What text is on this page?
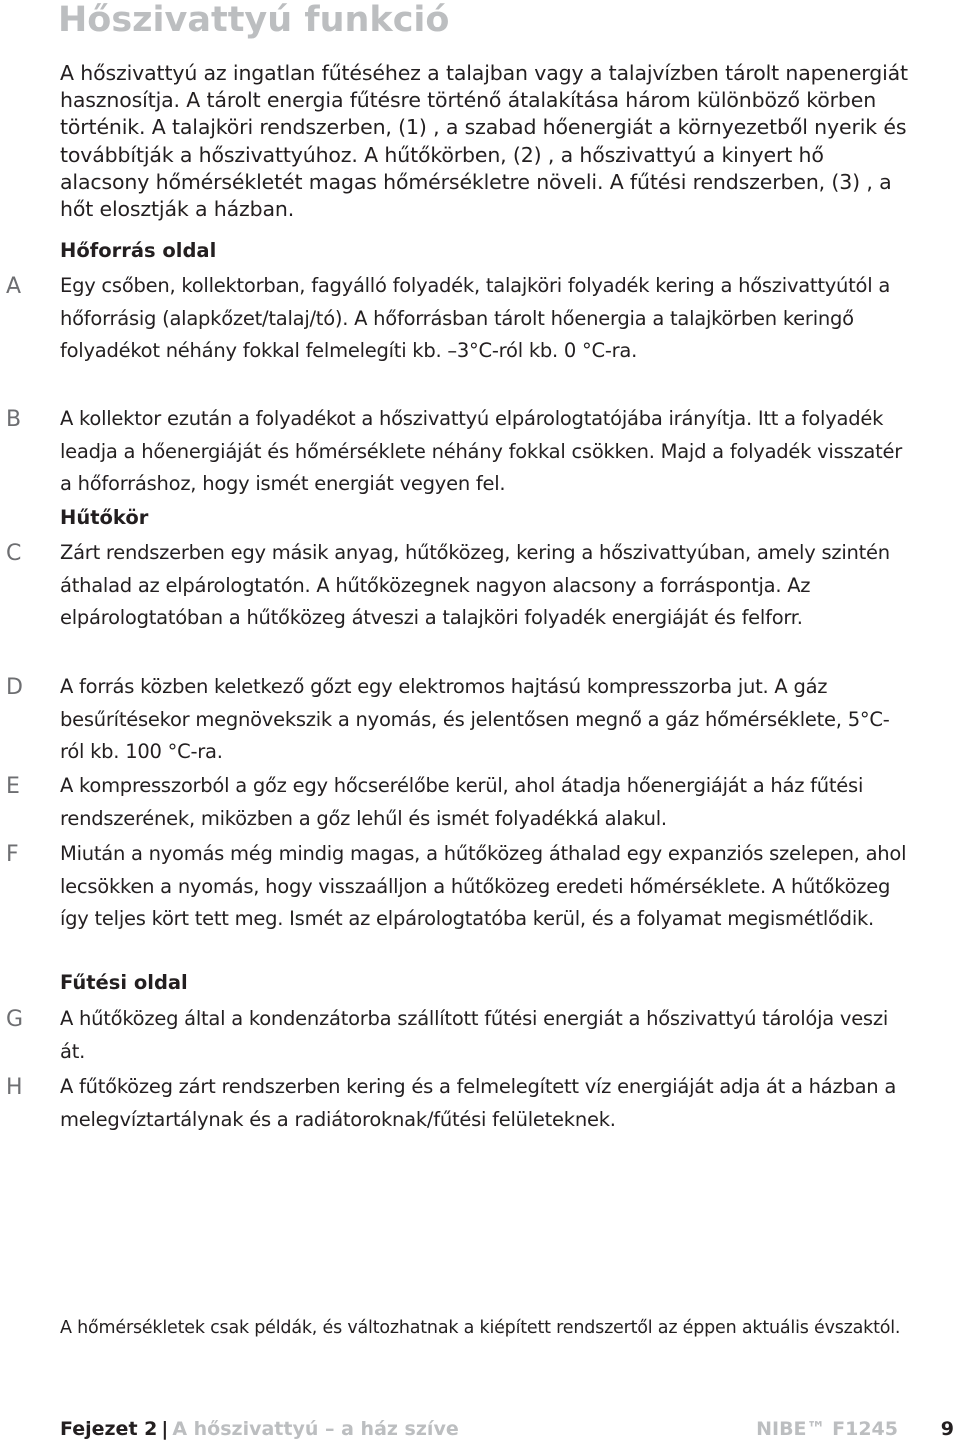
Hőszivattyú funkció

A hőszivattyú az ingatlan fűtéséhez a talajban vagy a talajvízben tárolt napenergiát hasznosítja. A tárolt energia fűtésre történő átalakítása három különböző körben történik. A talajköri rendszerben, (1) , a szabad hőenergiát a környezetből nyerik és továbbítják a hőszivattyúhoz. A hűtőkörben, (2) , a hőszivattyú a kinyert hő alacsony hőmérsékletét magas hőmérsékletre növeli. A fűtési rendszerben, (3) , a hőt elosztják a házban.

Hőforrás oldal
A Egy csőben, kollektorban, fagyálló folyadék, talajköri folyadék kering a hőszivattyútól a hőforrásig (alapkőzet/talaj/tó). A hőforrásban tárolt hőenergia a talajkörben keringő folyadékot néhány fokkal felmelegíti kb. –3°C-ról kb. 0 °C-ra.
B A kollektor ezután a folyadékot a hőszivattyú elpárologtatójába irányítja. Itt a folyadék leadja a hőenergiáját és hőmérséklete néhány fokkal csökken. Majd a folyadék visszatér a hőforráshoz, hogy ismét energiát vegyen fel.
Hűtőkör
C Zárt rendszerben egy másik anyag, hűtőközeg, kering a hőszivattyúban, amely szintén áthalad az elpárologtatón. A hűtőközegnek nagyon alacsony a forráspontja. Az elpárologtatóban a hűtőközeg átveszi a talajköri folyadék energiáját és felforr.
D A forrás közben keletkező gőzt egy elektromos hajtású kompresszorba jut. A gáz besűrítésekor megnövekszik a nyomás, és jelentősen megnő a gáz hőmérséklete, 5°C-ról kb. 100 °C-ra.
E A kompresszorból a gőz egy hőcserélőbe kerül, ahol átadja hőenergiáját a ház fűtési rendszerének, miközben a gőz lehűl és ismét folyadékká alakul.
F Miután a nyomás még mindig magas, a hűtőközeg áthalad egy expanziós szelepen, ahol lecsökken a nyomás, hogy visszaálljon a hűtőközeg eredeti hőmérséklete. A hűtőközeg így teljes kört tett meg. Ismét az elpárologtatóba kerül, és a folyamat megismétlődik.
Fűtési oldal
G A hűtőközeg által a kondenzátorba szállított fűtési energiát a hőszivattyú tárolója veszi át.
H A fűtőközeg zárt rendszerben kering és a felmelegített víz energiáját adja át a házban a melegvíztartálynak és a radiátoroknak/fűtési felületeknek.
A hőmérsékletek csak példák, és változhatnak a kiépített rendszertől az éppen aktuális évszaktól.
Fejezet 2 | A hőszivattyú – a ház szíve	NIBE™ F1245 9
